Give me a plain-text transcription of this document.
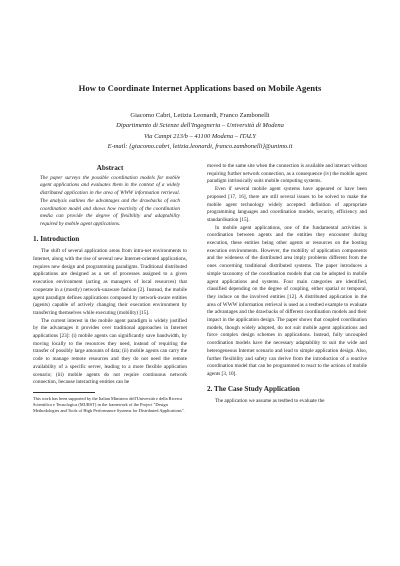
How to Coordinate Internet Applications based on Mobile Agents
Giacomo Cabri, Letizia Leonardi, Franco Zambonelli
Dipartimento di Scienze dell'Ingegneria – Università di Modena
Via Campi 213/b – 41100 Modena – ITALY
E-mail: {giacomo.cabri, letizia.leonardi, franco.zambonelli}@unimo.it
Abstract

The paper surveys the possible coordination models for mobile agent applications and evaluates them in the context of a widely distributed application in the area of WWW information retrieval. The analysis outlines the advantages and the drawbacks of each coordination model and shows how reactivity of the coordination media can provide the degree of flexibility and adaptability required by mobile agent applications.

1. Introduction

The shift of several application areas from intra-net environments to Internet, along with the rise of several new Internet-oriented applications, requires new design and programming paradigms. Traditional distributed applications are designed as a set of processes assigned to a given execution environment (acting as managers of local resources) that cooperate in a (mostly) network-unaware fashion [2]. Instead, the mobile agent paradigm defines applications composed by network-aware entities (agents) capable of actively changing their execution environment by transferring themselves while executing (mobility) [15].

The current interest in the mobile agent paradigm is widely justified by the advantages it provides over traditional approaches in Internet applications [23]: (i) mobile agents can significantly save bandwidth, by moving locally to the resources they need, instead of requiring the transfer of possibly large amounts of data; (ii) mobile agents can carry the code to manage remote resources and they do not need the remote availability of a specific server, leading to a more flexible application scenario; (iii) mobile agents do not require continuous network connection, because interacting entities can be

This work has been supported by the Italian Ministero dell'Università e della Ricerca Scientifica e Tecnologica (MURST) in the framework of the Project "Design Methodologies and Tools of High Performance Systems for Distributed Applications".

moved to the same site when the connection is available and interact without requiring further network connection, as a consequence (iv) the mobile agent paradigm intrinsically suits mobile computing systems.

Even if several mobile agent systems have appeared or have been proposed [17, 16], there are still several issues to be solved to make the mobile agent technology widely accepted: definition of appropriate programming languages and coordination models, security, efficiency and standardisation [15].

In mobile agent applications, one of the fundamental activities is coordination between agents and the entities they encounter during execution, these entities being other agents or resources on the hosting execution environments. However, the mobility of application components and the wideness of the distributed area imply problems different from the ones concerning traditional distributed systems. The paper introduces a simple taxonomy of the coordination models that can be adopted in mobile agent applications and systems. Four main categories are identified, classified depending on the degree of coupling, either spatial or temporal, they induce on the involved entities [12]. A distributed application in the area of WWW information retrieval is used as a testbed example to evaluate the advantages and the drawbacks of different coordination models and their impact in the application design. The paper shows that coupled coordination models, though widely adopted, do not suit mobile agent applications and force complex design schemes in applications. Instead, fully uncoupled coordination models have the necessary adaptability to suit the wide and heterogeneous Internet scenario and lead to simple application design. Also, further flexibility and safety can derive from the introduction of a reactive coordination model that can be programmed to react to the actions of mobile agents [3, 10].

2. The Case Study Application

The application we assume as testbed to evaluate the
